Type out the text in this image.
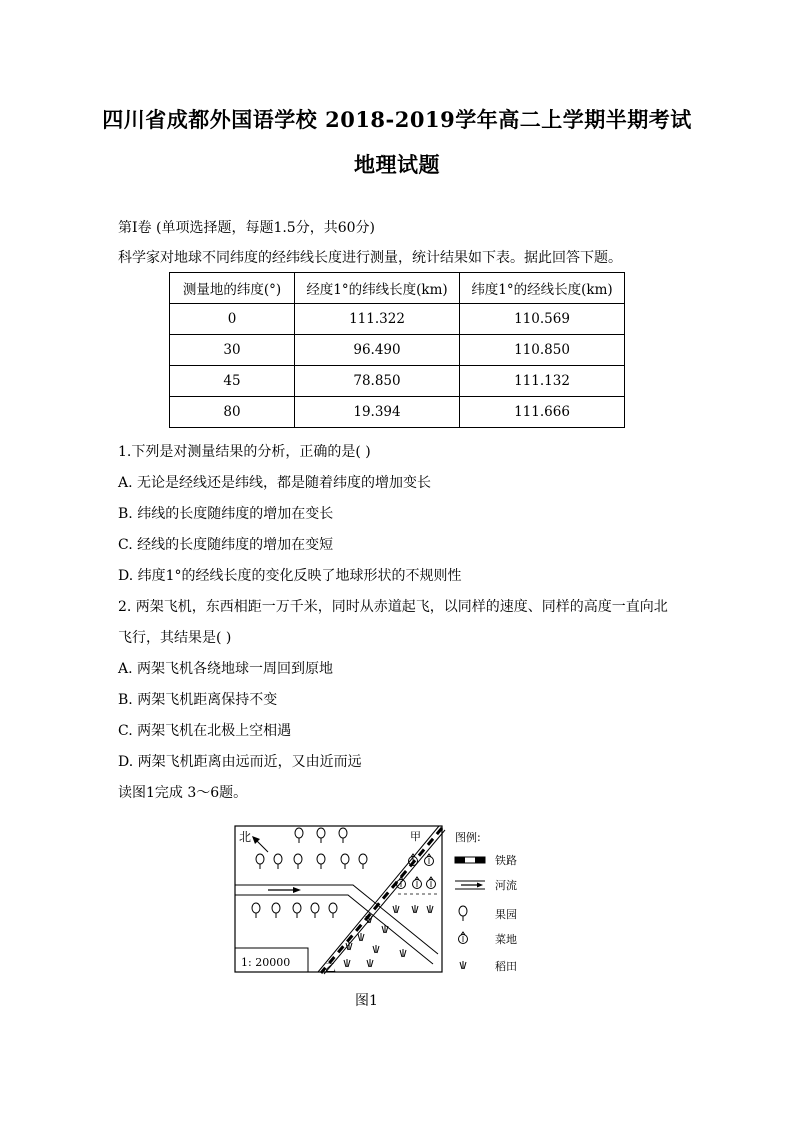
四川省成都外国语学校 2018-2019学年高二上学期半期考试
地理试题
第Ⅰ卷 (单项选择题，每题1.5分，共60分)
科学家对地球不同纬度的经纬线长度进行测量，统计结果如下表。据此回答下题。
测量地的纬度(°)	经度1°的纬线长度(km)	纬度1°的经线长度(km)
0	111.322	110.569
30	96.490	110.850
45	78.850	111.132
80	19.394	111.666
1.下列是对测量结果的分析，正确的是( )
A. 无论是经线还是纬线，都是随着纬度的增加变长
B. 纬线的长度随纬度的增加在变长
C. 经线的长度随纬度的增加在变短
D. 纬度1°的经线长度的变化反映了地球形状的不规则性
2. 两架飞机，东西相距一万千米，同时从赤道起飞，以同样的速度、同样的高度一直向北
飞行，其结果是( )
A. 两架飞机各绕地球一周回到原地
B. 两架飞机距离保持不变
C. 两架飞机在北极上空相遇
D. 两架飞机距离由远而近，又由近而远
读图1完成 3～6题。
1: 20000
北	甲
乙
图例:
铁路
河流
果园
菜地
稻田
图1
